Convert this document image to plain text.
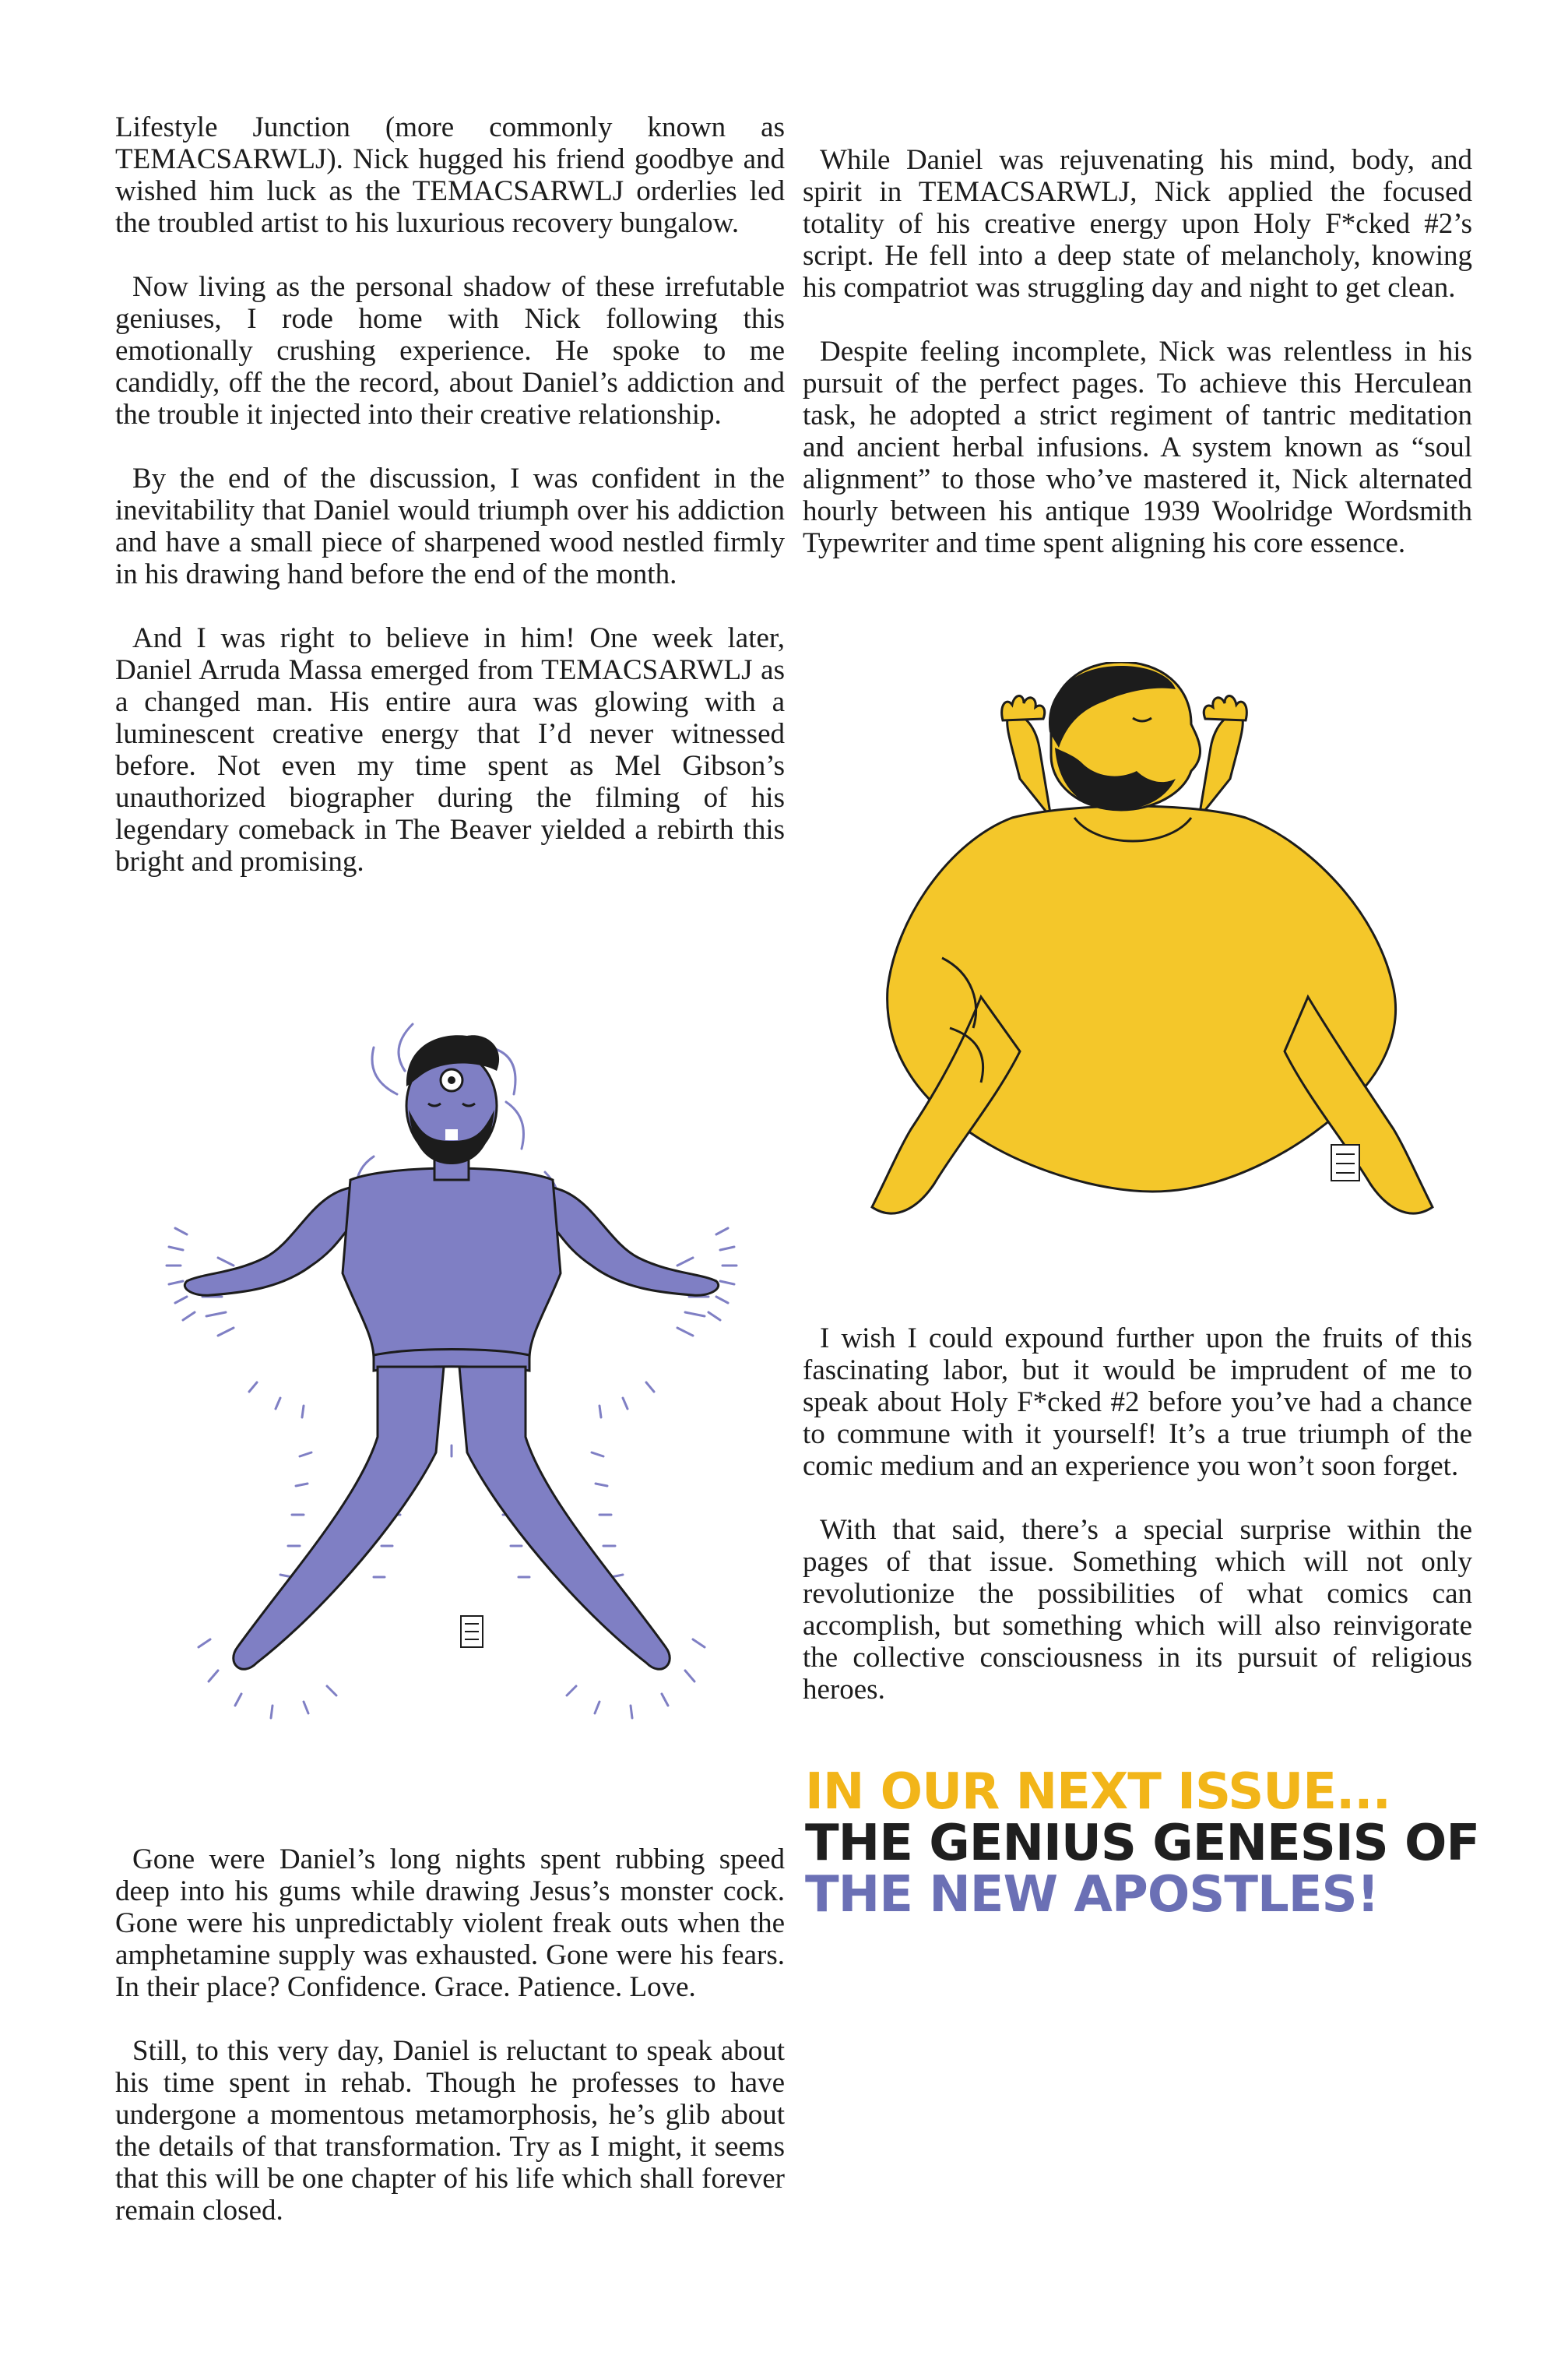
Lifestyle Junction (more commonly known as TEMACSARWLJ). Nick hugged his friend goodbye and wished him luck as the TEMACSARWLJ orderlies led the troubled artist to his luxurious recovery bungalow.

Now living as the personal shadow of these irrefutable geniuses, I rode home with Nick following this emotionally crushing experience. He spoke to me candidly, off the the record, about Daniel’s addiction and the trouble it injected into their creative relationship.

By the end of the discussion, I was confident in the inevitability that Daniel would triumph over his addiction and have a small piece of sharpened wood nestled firmly in his drawing hand before the end of the month.

And I was right to believe in him! One week later, Daniel Arruda Massa emerged from TEMACSARWLJ as a changed man. His entire aura was glowing with a luminescent creative energy that I’d never witnessed before. Not even my time spent as Mel Gibson’s unauthorized biographer during the filming of his legendary comeback in The Beaver yielded a rebirth this bright and promising.

Gone were Daniel’s long nights spent rubbing speed deep into his gums while drawing Jesus’s monster cock. Gone were his unpredictably violent freak outs when the amphetamine supply was exhausted. Gone were his fears. In their place? Confidence. Grace. Patience. Love.

Still, to this very day, Daniel is reluctant to speak about his time spent in rehab. Though he professes to have undergone a momentous metamorphosis, he’s glib about the details of that transformation. Try as I might, it seems that this will be one chapter of his life which shall forever remain closed.

While Daniel was rejuvenating his mind, body, and spirit in TEMACSARWLJ, Nick applied the focused totality of his creative energy upon Holy F*cked #2’s script. He fell into a deep state of melancholy, knowing his compatriot was struggling day and night to get clean.

Despite feeling incomplete, Nick was relentless in his pursuit of the perfect pages. To achieve this Herculean task, he adopted a strict regiment of tantric meditation and ancient herbal infusions. A system known as “soul alignment” to those who’ve mastered it, Nick alternated hourly between his antique 1939 Woolridge Wordsmith Typewriter and time spent aligning his core essence.

I wish I could expound further upon the fruits of this fascinating labor, but it would be imprudent of me to speak about Holy F*cked #2 before you’ve had a chance to commune with it yourself! It’s a true triumph of the comic medium and an experience you won’t soon forget.

With that said, there’s a special surprise within the pages of that issue. Something which will not only revolutionize the possibilities of what comics can accomplish, but something which will also reinvigorate the collective consciousness in its pursuit of religious heroes.

IN OUR NEXT ISSUE...
THE GENIUS GENESIS OF
THE NEW APOSTLES!
